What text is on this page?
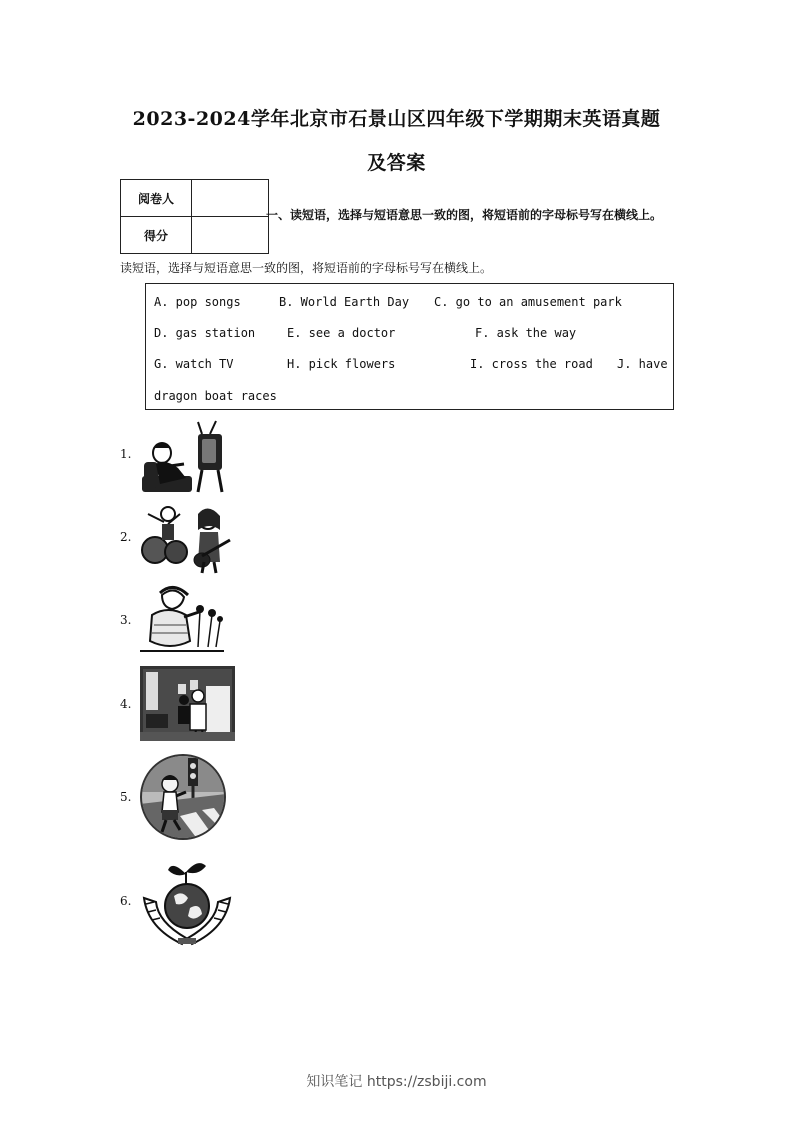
2023-2024学年北京市石景山区四年级下学期期末英语真题
及答案
阅卷人	
得分	
一、读短语，选择与短语意思一致的图，将短语前的字母标号写在横线上。
读短语，选择与短语意思一致的图，将短语前的字母标号写在横线上。
A. pop songs	B. World Earth Day C. go to an amusement park
D. gas station	E. see a doctor	F. ask the way
G. watch TV	H. pick flowers	I. cross the road J. have
dragon boat races
1.
2.
3.
4.
5.
6.
知识笔记 https://zsbiji.com
